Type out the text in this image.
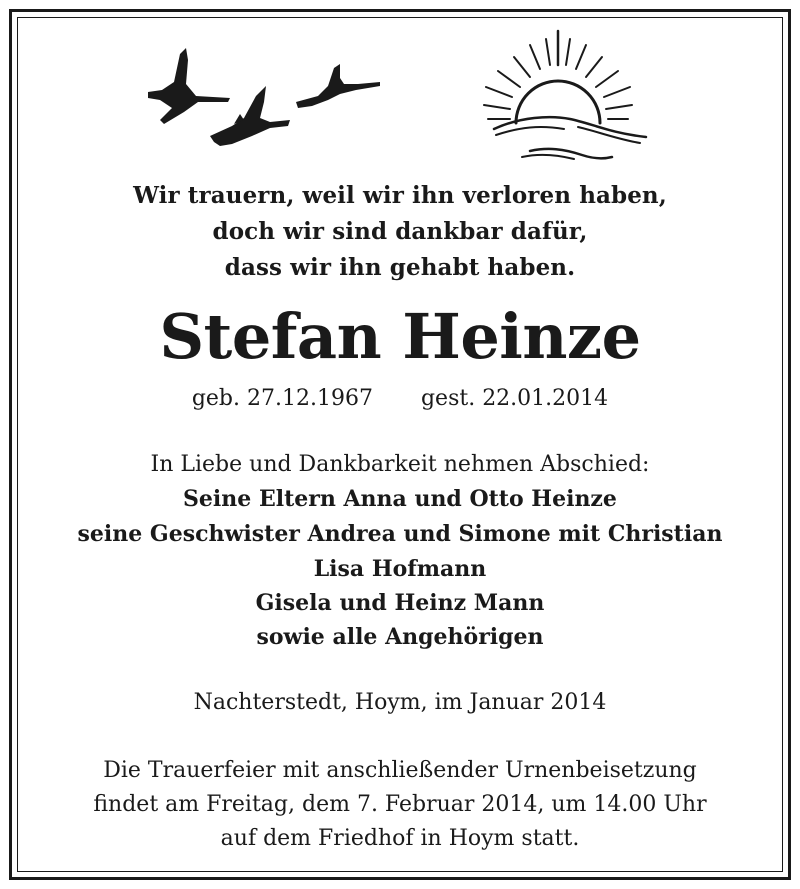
Wir trauern, weil wir ihn verloren haben,
doch wir sind dankbar dafür,
dass wir ihn gehabt haben.
Stefan Heinze
geb. 27.12.1967 gest. 22.01.2014
In Liebe und Dankbarkeit nehmen Abschied:
Seine Eltern Anna und Otto Heinze
seine Geschwister Andrea und Simone mit Christian
Lisa Hofmann
Gisela und Heinz Mann
sowie alle Angehörigen
Nachterstedt, Hoym, im Januar 2014
Die Trauerfeier mit anschließender Urnenbeisetzung
findet am Freitag, dem 7. Februar 2014, um 14.00 Uhr
auf dem Friedhof in Hoym statt.
